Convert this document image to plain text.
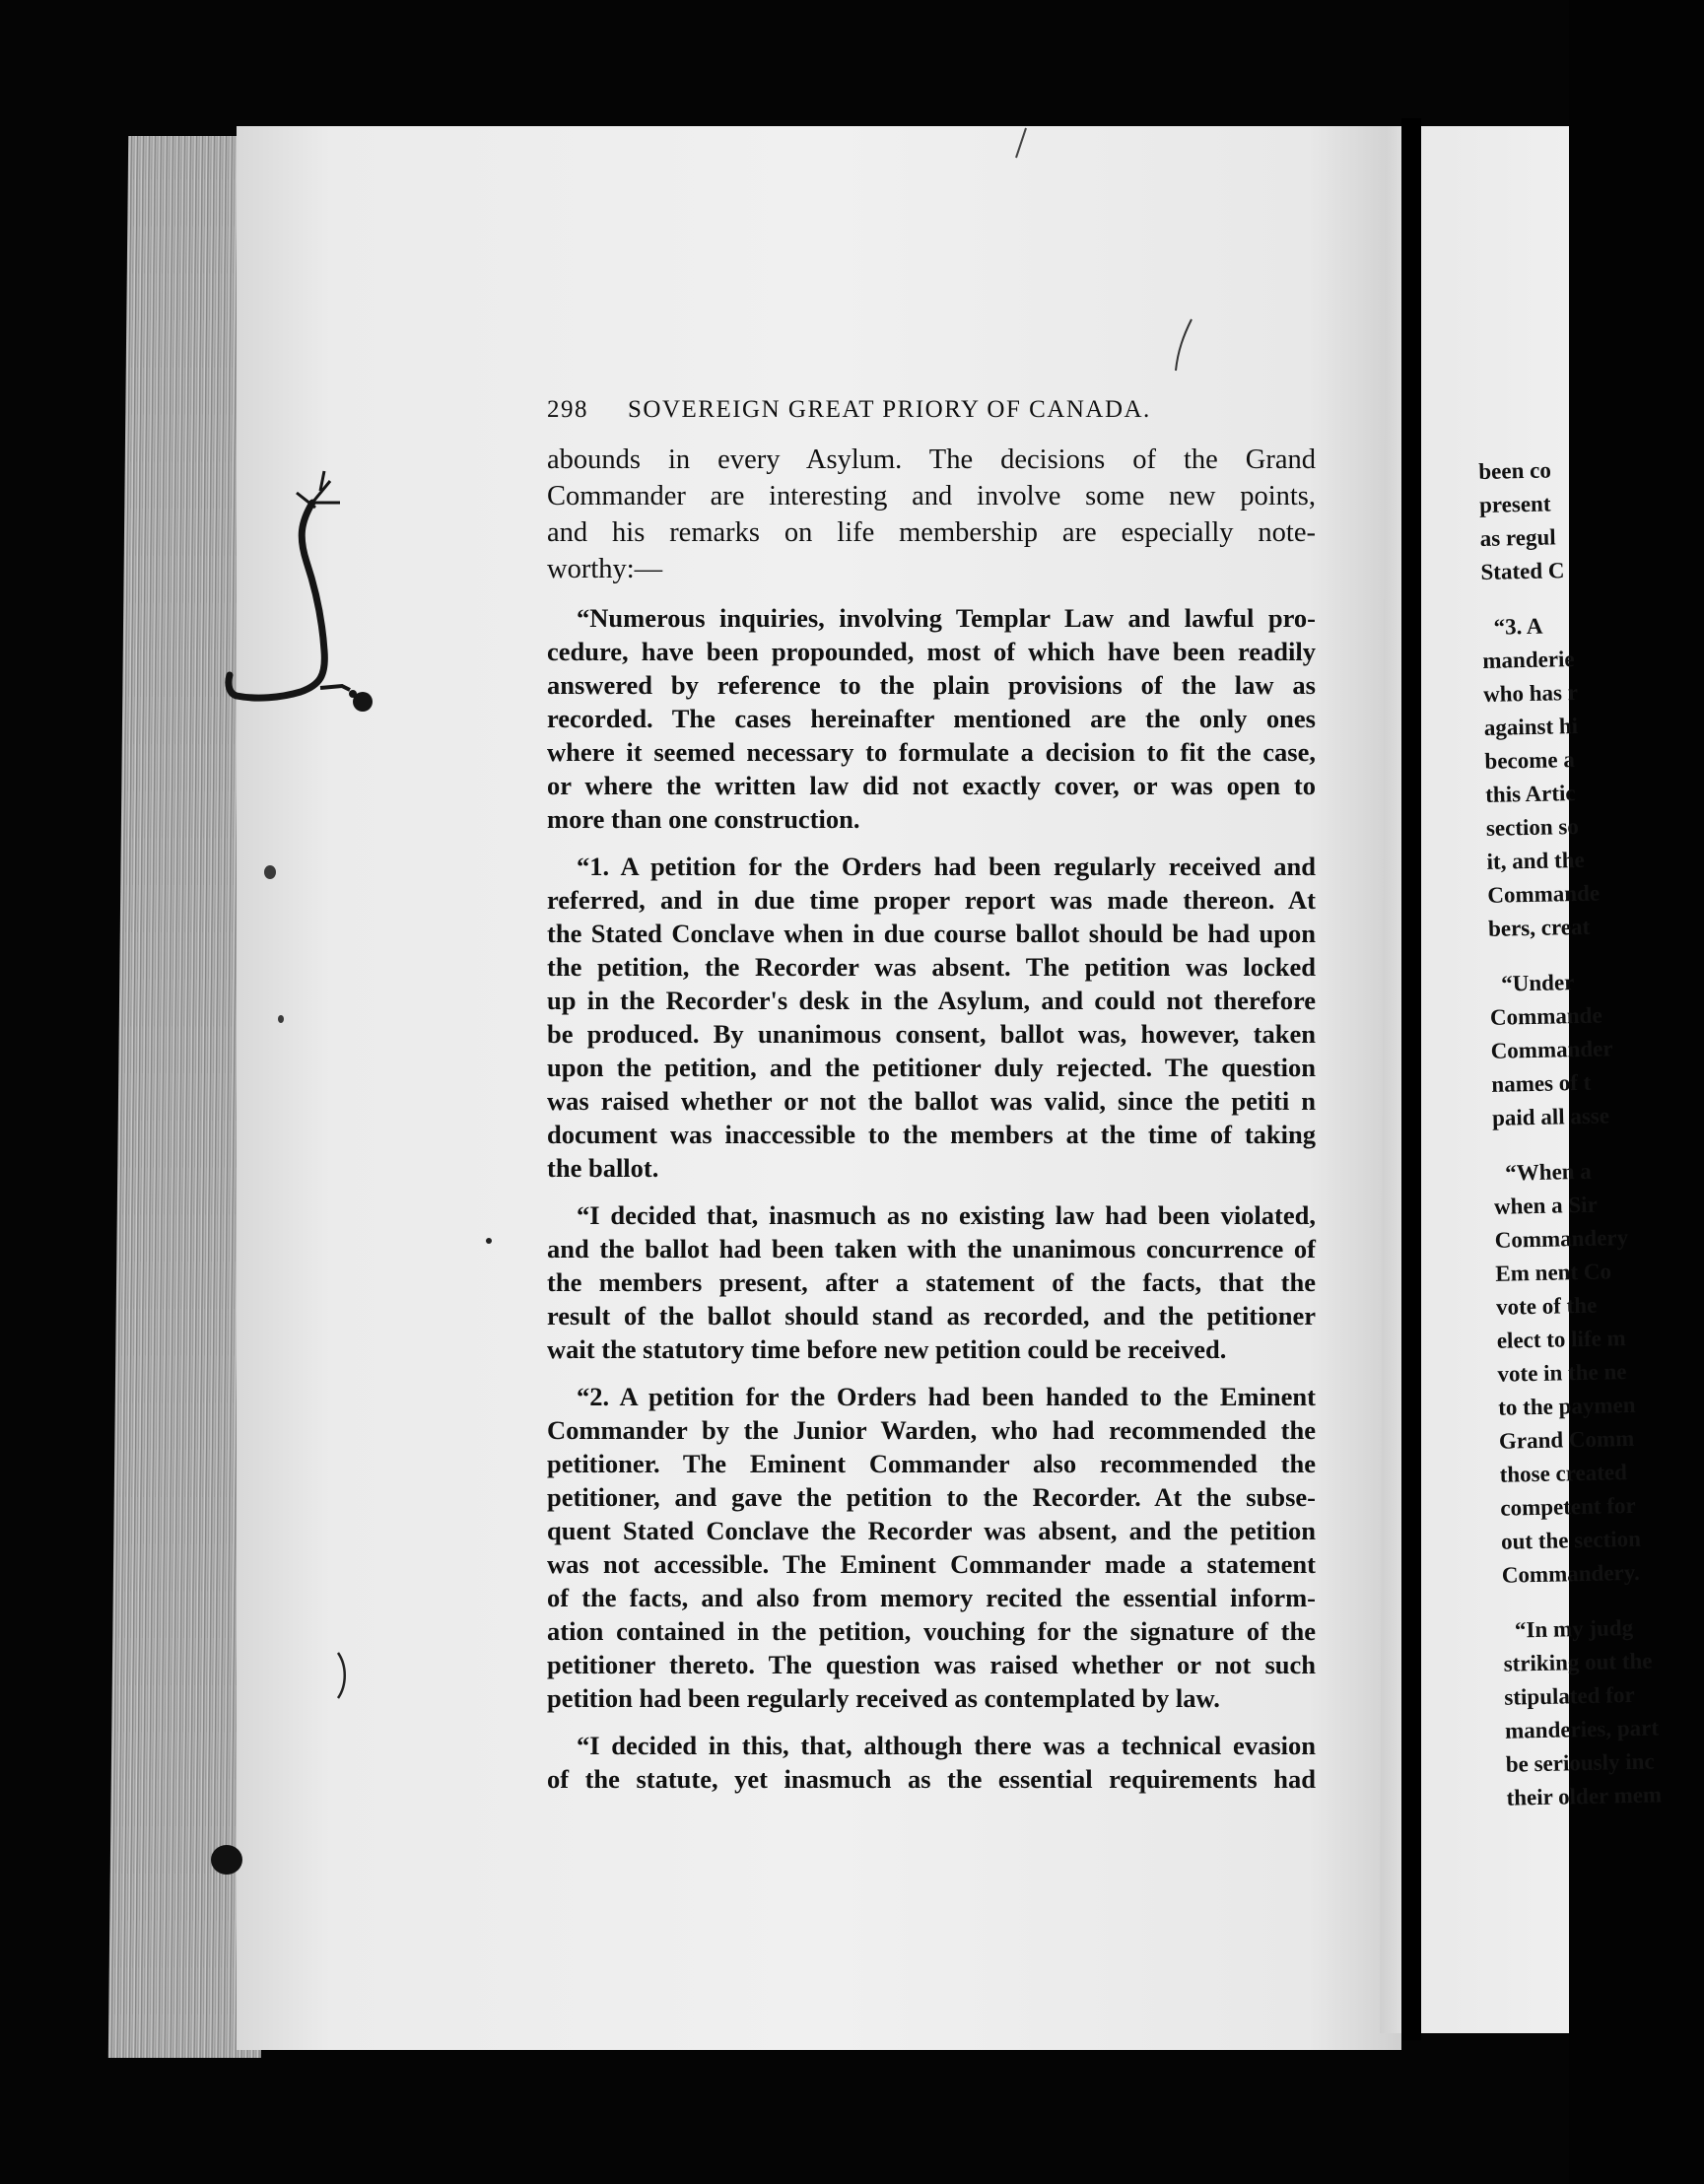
298 SOVEREIGN GREAT PRIORY OF CANADA.
abounds in every Asylum. The decisions of the Grand
Commander are interesting and involve some new points,
and his remarks on life membership are especially note-
worthy:—
“Numerous inquiries, involving Templar Law and lawful pro-
cedure, have been propounded, most of which have been readily
answered by reference to the plain provisions of the law as
recorded. The cases hereinafter mentioned are the only ones
where it seemed necessary to formulate a decision to fit the case,
or where the written law did not exactly cover, or was open to
more than one construction.
“1. A petition for the Orders had been regularly received and
referred, and in due time proper report was made thereon. At
the Stated Conclave when in due course ballot should be had upon
the petition, the Recorder was absent. The petition was locked
up in the Recorder's desk in the Asylum, and could not therefore
be produced. By unanimous consent, ballot was, however, taken
upon the petition, and the petitioner duly rejected. The question
was raised whether or not the ballot was valid, since the petiti n
document was inaccessible to the members at the time of taking
the ballot.
“I decided that, inasmuch as no existing law had been violated,
and the ballot had been taken with the unanimous concurrence of
the members present, after a statement of the facts, that the
result of the ballot should stand as recorded, and the petitioner
wait the statutory time before new petition could be received.
“2. A petition for the Orders had been handed to the Eminent
Commander by the Junior Warden, who had recommended the
petitioner. The Eminent Commander also recommended the
petitioner, and gave the petition to the Recorder. At the subse-
quent Stated Conclave the Recorder was absent, and the petition
was not accessible. The Eminent Commander made a statement
of the facts, and also from memory recited the essential inform-
ation contained in the petition, vouching for the signature of the
petitioner thereto. The question was raised whether or not such
petition had been regularly received as contemplated by law.
“I decided in this, that, although there was a technical evasion
of the statute, yet inasmuch as the essential requirements had
been co
present
as regul
Stated C
“3. A
manderie
who has r
against hi
become a
this Artic
section so
it, and the
Commande
bers, creat
“Under
Commande
Commander
names of t
paid all asse
“When a
when a Sir
Commandery
Em nent Co
vote of the
elect to life m
vote in the ne
to the paymen
Grand Comm
those created
competent for
out the section
Commandery.
“In my judg
striking out the
stipulated for
manderies, part
be seriously inc
their older mem
